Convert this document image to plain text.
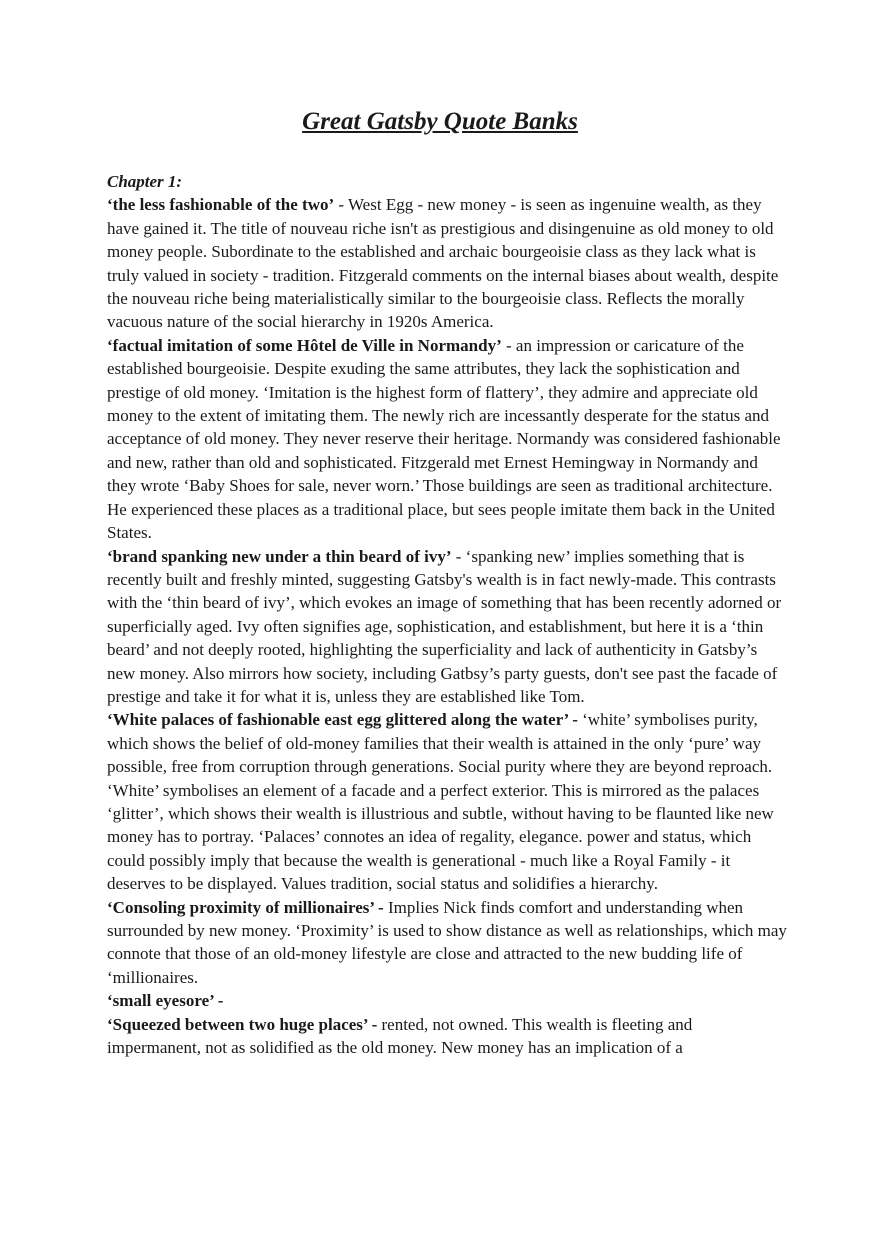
Great Gatsby Quote Banks

Chapter 1:

‘the less fashionable of the two’ - West Egg - new money - is seen as ingenuine wealth, as they have gained it. The title of nouveau riche isn't as prestigious and disingenuine as old money to old money people. Subordinate to the established and archaic bourgeoisie class as they lack what is truly valued in society - tradition. Fitzgerald comments on the internal biases about wealth, despite the nouveau riche being materialistically similar to the bourgeoisie class. Reflects the morally vacuous nature of the social hierarchy in 1920s America.

‘factual imitation of some Hôtel de Ville in Normandy’ - an impression or caricature of the established bourgeoisie. Despite exuding the same attributes, they lack the sophistication and prestige of old money. ‘Imitation is the highest form of flattery’, they admire and appreciate old money to the extent of imitating them. The newly rich are incessantly desperate for the status and acceptance of old money. They never reserve their heritage. Normandy was considered fashionable and new, rather than old and sophisticated. Fitzgerald met Ernest Hemingway in Normandy and they wrote ‘Baby Shoes for sale, never worn.’ Those buildings are seen as traditional architecture. He experienced these places as a traditional place, but sees people imitate them back in the United States.

‘brand spanking new under a thin beard of ivy’ - ‘spanking new’ implies something that is recently built and freshly minted, suggesting Gatsby's wealth is in fact newly-made. This contrasts with the ‘thin beard of ivy’, which evokes an image of something that has been recently adorned or superficially aged. Ivy often signifies age, sophistication, and establishment, but here it is a ‘thin beard’ and not deeply rooted, highlighting the superficiality and lack of authenticity in Gatsby’s new money. Also mirrors how society, including Gatbsy’s party guests, don't see past the facade of prestige and take it for what it is, unless they are established like Tom.

‘White palaces of fashionable east egg glittered along the water’ - ‘white’ symbolises purity, which shows the belief of old-money families that their wealth is attained in the only ‘pure’ way possible, free from corruption through generations. Social purity where they are beyond reproach. ‘White’ symbolises an element of a facade and a perfect exterior. This is mirrored as the palaces ‘glitter’, which shows their wealth is illustrious and subtle, without having to be flaunted like new money has to portray. ‘Palaces’ connotes an idea of regality, elegance. power and status, which could possibly imply that because the wealth is generational - much like a Royal Family - it deserves to be displayed. Values tradition, social status and solidifies a hierarchy.

‘Consoling proximity of millionaires’ - Implies Nick finds comfort and understanding when surrounded by new money. ‘Proximity’ is used to show distance as well as relationships, which may connote that those of an old-money lifestyle are close and attracted to the new budding life of ‘millionaires.

‘small eyesore’ -

‘Squeezed between two huge places’ - rented, not owned. This wealth is fleeting and impermanent, not as solidified as the old money. New money has an implication of a
